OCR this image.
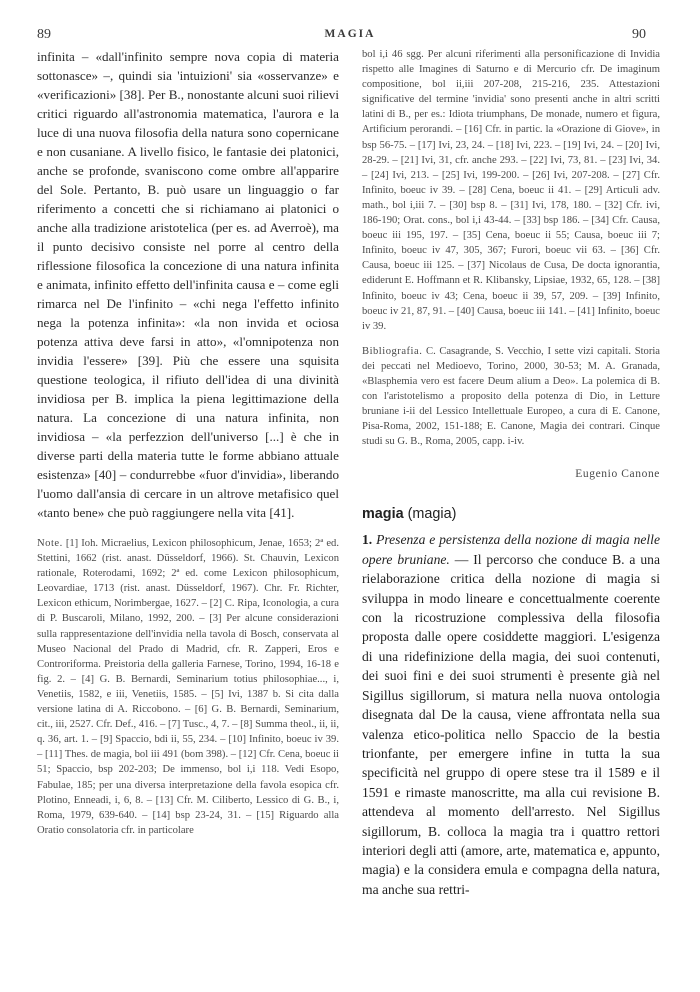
89	MAGIA	90

infinita – «dall'infinito sempre nova copia di materia sottonasce» –, quindi sia 'intuizioni' sia «osservanze» e «verificazioni» [38]. Per B., nonostante alcuni suoi rilievi critici riguardo all'astronomia matematica, l'aurora e la luce di una nuova filosofia della natura sono copernicane e non cusaniane. A livello fisico, le fantasie dei platonici, anche se profonde, svaniscono come ombre all'apparire del Sole. Pertanto, B. può usare un linguaggio o far riferimento a concetti che si richiamano ai platonici o anche alla tradizione aristotelica (per es. ad Averroè), ma il punto decisivo consiste nel porre al centro della riflessione filosofica la concezione di una natura infinita e animata, infinito effetto dell'infinita causa e – come egli rimarca nel De l'infinito – «chi nega l'effetto infinito nega la potenza infinita»: «la non invida et ociosa potenza attiva deve farsi in atto», «l'omnipotenza non invidia l'essere» [39]. Più che essere una squisita questione teologica, il rifiuto dell'idea di una divinità invidiosa per B. implica la piena legittimazione della natura. La concezione di una natura infinita, non invidiosa – «la perfezzion dell'universo [...] è che in diverse parti della materia tutte le forme abbiano attuale esistenza» [40] – condurrebbe «fuor d'invidia», liberando l'uomo dall'ansia di cercare in un altrove metafisico quel «tanto bene» che può raggiungere nella vita [41].

Note. [1] Ioh. Micraelius, Lexicon philosophicum, Jenae, 1653; 2ª ed. Stettini, 1662 (rist. anast. Düsseldorf, 1966). St. Chauvin, Lexicon rationale, Roterodami, 1692; 2ª ed. come Lexicon philosophicum, Leovardiae, 1713 (rist. anast. Düsseldorf, 1967). Chr. Fr. Richter, Lexicon ethicum, Norimbergae, 1627. – [2] C. Ripa, Iconologia, a cura di P. Buscaroli, Milano, 1992, 200. – [3] Per alcune considerazioni sulla rappresentazione dell'invidia nella tavola di Bosch, conservata al Museo Nacional del Prado di Madrid, cfr. R. Zapperi, Eros e Controriforma. Preistoria della galleria Farnese, Torino, 1994, 16-18 e fig. 2. – [4] G. B. Bernardi, Seminarium totius philosophiae..., i, Venetiis, 1582, e iii, Venetiis, 1585. – [5] Ivi, 1387 b. Si cita dalla versione latina di A. Riccobono. – [6] G. B. Bernardi, Seminarium, cit., iii, 2527. Cfr. Def., 416. – [7] Tusc., 4, 7. – [8] Summa theol., ii, ii, q. 36, art. 1. – [9] Spaccio, bdi ii, 55, 234. – [10] Infinito, boeuc iv 39. – [11] Thes. de magia, bol iii 491 (bom 398). – [12] Cfr. Cena, boeuc ii 51; Spaccio, bsp 202-203; De immenso, bol i,i 118. Vedi Esopo, Fabulae, 185; per una diversa interpretazione della favola esopica cfr. Plotino, Enneadi, i, 6, 8. – [13] Cfr. M. Ciliberto, Lessico di G. B., i, Roma, 1979, 639-640. – [14] bsp 23-24, 31. – [15] Riguardo alla Oratio consolatoria cfr. in particolare

bol i,i 46 sgg. Per alcuni riferimenti alla personificazione di Invidia rispetto alle Imagines di Saturno e di Mercurio cfr. De imaginum compositione, bol ii,iii 207-208, 215-216, 235. Attestazioni significative del termine 'invidia' sono presenti anche in altri scritti latini di B., per es.: Idiota triumphans, De monade, numero et figura, Artificium perorandi. – [16] Cfr. in partic. la «Orazione di Giove», in bsp 56-75. – [17] Ivi, 23, 24. – [18] Ivi, 223. – [19] Ivi, 24. – [20] Ivi, 28-29. – [21] Ivi, 31, cfr. anche 293. – [22] Ivi, 73, 81. – [23] Ivi, 34. – [24] Ivi, 213. – [25] Ivi, 199-200. – [26] Ivi, 207-208. – [27] Cfr. Infinito, boeuc iv 39. – [28] Cena, boeuc ii 41. – [29] Articuli adv. math., bol i,iii 7. – [30] bsp 8. – [31] Ivi, 178, 180. – [32] Cfr. ivi, 186-190; Orat. cons., bol i,i 43-44. – [33] bsp 186. – [34] Cfr. Causa, boeuc iii 195, 197. – [35] Cena, boeuc ii 55; Causa, boeuc iii 7; Infinito, boeuc iv 47, 305, 367; Furori, boeuc vii 63. – [36] Cfr. Causa, boeuc iii 125. – [37] Nicolaus de Cusa, De docta ignorantia, ediderunt E. Hoffmann et R. Klibansky, Lipsiae, 1932, 65, 128. – [38] Infinito, boeuc iv 43; Cena, boeuc ii 39, 57, 209. – [39] Infinito, boeuc iv 21, 87, 91. – [40] Causa, boeuc iii 141. – [41] Infinito, boeuc iv 39.

Bibliografia. C. Casagrande, S. Vecchio, I sette vizi capitali. Storia dei peccati nel Medioevo, Torino, 2000, 30-53; M. A. Granada, «Blasphemia vero est facere Deum alium a Deo». La polemica di B. con l'aristotelismo a proposito della potenza di Dio, in Letture bruniane i-ii del Lessico Intellettuale Europeo, a cura di E. Canone, Pisa-Roma, 2002, 151-188; E. Canone, Magia dei contrari. Cinque studi su G. B., Roma, 2005, capp. i-iv.

Eugenio Canone
magia (magia)

1. Presenza e persistenza della nozione di magia nelle opere bruniane. — Il percorso che conduce B. a una rielaborazione critica della nozione di magia si sviluppa in modo lineare e concettualmente coerente con la ricostruzione complessiva della filosofia proposta dalle opere cosiddette maggiori. L'esigenza di una ridefinizione della magia, dei suoi contenuti, dei suoi fini e dei suoi strumenti è presente già nel Sigillus sigillorum, si matura nella nuova ontologia disegnata dal De la causa, viene affrontata nella sua valenza etico-politica nello Spaccio de la bestia trionfante, per emergere infine in tutta la sua specificità nel gruppo di opere stese tra il 1589 e il 1591 e rimaste manoscritte, ma alla cui revisione B. attendeva al momento dell'arresto. Nel Sigillus sigillorum, B. colloca la magia tra i quattro rettori interiori degli atti (amore, arte, matematica e, appunto, magia) e la considera emula e compagna della natura, ma anche sua rettri-
